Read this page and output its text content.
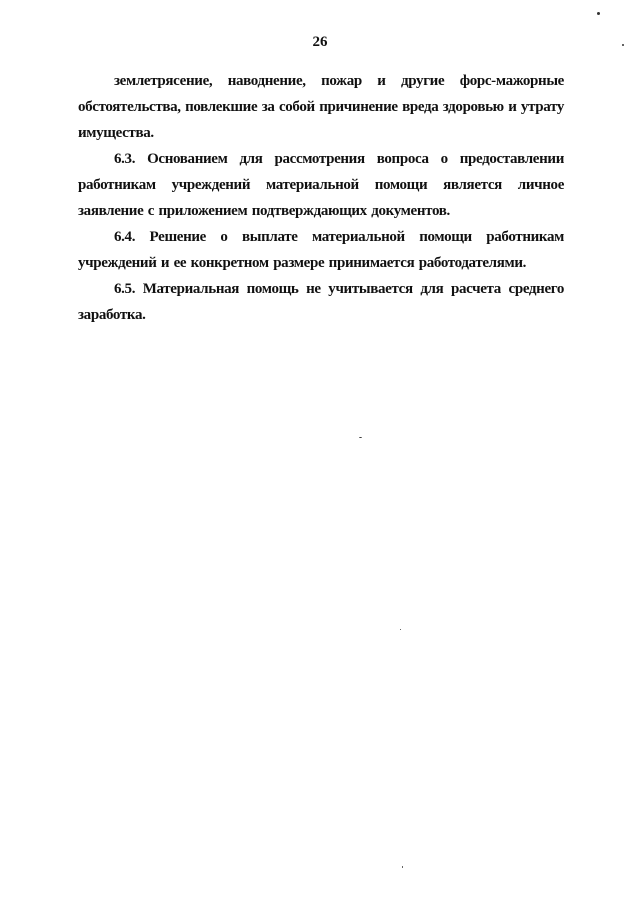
26

землетрясение, наводнение, пожар и другие форс-мажорные обстоятельства, повлекшие за собой причинение вреда здоровью и утрату имущества.

6.3. Основанием для рассмотрения вопроса о предоставлении работникам учреждений материальной помощи является личное заявление с приложением подтверждающих документов.

6.4. Решение о выплате материальной помощи работникам учреждений и ее конкретном размере принимается работодателями.

6.5. Материальная помощь не учитывается для расчета среднего заработка.
